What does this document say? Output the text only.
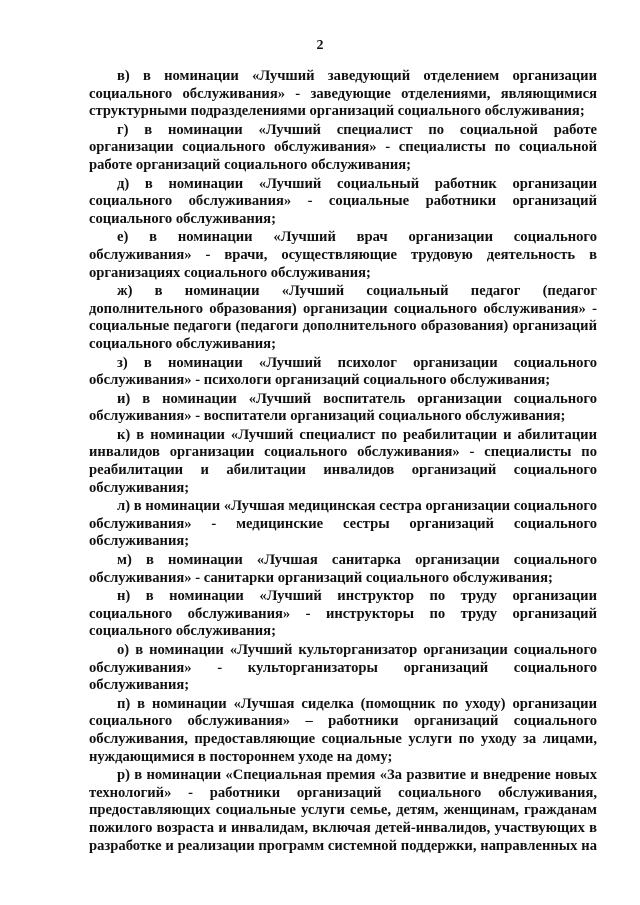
2

в) в номинации «Лучший заведующий отделением организации социального обслуживания» - заведующие отделениями, являющимися структурными подразделениями организаций социального обслуживания;

г) в номинации «Лучший специалист по социальной работе организации социального обслуживания» - специалисты по социальной работе организаций социального обслуживания;

д) в номинации «Лучший социальный работник организации социального обслуживания» - социальные работники организаций социального обслуживания;

е) в номинации «Лучший врач организации социального обслуживания» - врачи, осуществляющие трудовую деятельность в организациях социального обслуживания;

ж) в номинации «Лучший социальный педагог (педагог дополнительного образования) организации социального обслуживания» - социальные педагоги (педагоги дополнительного образования) организаций социального обслуживания;

з) в номинации «Лучший психолог организации социального обслуживания» - психологи организаций социального обслуживания;

и) в номинации «Лучший воспитатель организации социального обслуживания» - воспитатели организаций социального обслуживания;

к) в номинации «Лучший специалист по реабилитации и абилитации инвалидов организации социального обслуживания» - специалисты по реабилитации и абилитации инвалидов организаций социального обслуживания;

л) в номинации «Лучшая медицинская сестра организации социального обслуживания» - медицинские сестры организаций социального обслуживания;

м) в номинации «Лучшая санитарка организации социального обслуживания» - санитарки организаций социального обслуживания;

н) в номинации «Лучший инструктор по труду организации социального обслуживания» - инструкторы по труду организаций социального обслуживания;

о) в номинации «Лучший культорганизатор организации социального обслуживания» - культорганизаторы организаций социального обслуживания;

п) в номинации «Лучшая сиделка (помощник по уходу) организации социального обслуживания» – работники организаций социального обслуживания, предоставляющие социальные услуги по уходу за лицами, нуждающимися в постороннем уходе на дому;

р) в номинации «Специальная премия «За развитие и внедрение новых технологий» - работники организаций социального обслуживания, предоставляющих социальные услуги семье, детям, женщинам, гражданам пожилого возраста и инвалидам, включая детей-инвалидов, участвующих в разработке и реализации программ системной поддержки, направленных на
